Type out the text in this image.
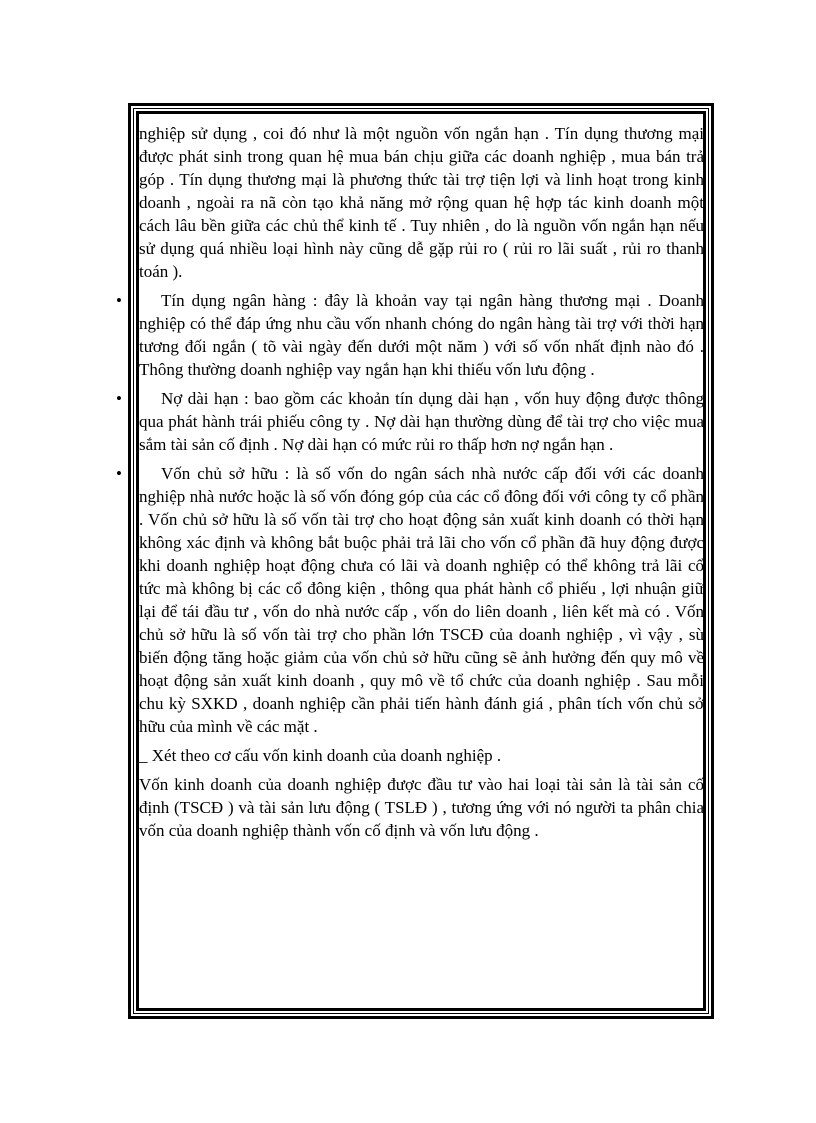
nghiệp sử dụng , coi đó như là một nguồn vốn ngắn hạn . Tín dụng thương mại được phát sinh trong quan hệ mua bán chịu giữa các doanh nghiệp , mua bán trả góp . Tín dụng thương mại là phương thức tài trợ tiện lợi và linh hoạt trong kinh doanh , ngoài ra nã còn tạo khả năng mở rộng quan hệ hợp tác kinh doanh một cách lâu bền giữa các chủ thể kinh tế . Tuy nhiên , do là nguồn vốn ngắn hạn nếu sử dụng quá nhiều loại hình này cũng dễ gặp rủi ro ( rủi ro lãi suất , rủi ro thanh toán ).

•	Tín dụng ngân hàng : đây là khoản vay tại ngân hàng thương mại . Doanh nghiệp có thể đáp ứng nhu cầu vốn nhanh chóng do ngân hàng tài trợ với thời hạn tương đối ngắn ( tõ vài ngày đến dưới một năm ) với số vốn nhất định nào đó . Thông thường doanh nghiệp vay ngắn hạn khi thiếu vốn lưu động .

•	Nợ dài hạn : bao gồm các khoản tín dụng dài hạn , vốn huy động được thông qua phát hành trái phiếu công ty . Nợ dài hạn thường dùng để tài trợ cho việc mua sắm tài sản cố định . Nợ dài hạn có mức rủi ro thấp hơn nợ ngắn hạn .

•	Vốn chủ sở hữu : là số vốn do ngân sách nhà nước cấp đối với các doanh nghiệp nhà nước hoặc là số vốn đóng góp của các cổ đông đối với công ty cổ phần . Vốn chủ sở hữu là số vốn tài trợ cho hoạt động sản xuất kinh doanh có thời hạn không xác định và không bắt buộc phải trả lãi cho vốn cổ phần đã huy động được khi doanh nghiệp hoạt động chưa có lãi và doanh nghiệp có thể không trả lãi cổ tức mà không bị các cổ đông kiện , thông qua phát hành cổ phiếu , lợi nhuận giữ lại để tái đầu tư , vốn do nhà nước cấp , vốn do liên doanh , liên kết mà có . Vốn chủ sở hữu là số vốn tài trợ cho phần lớn TSCĐ của doanh nghiệp , vì vậy , sù biến động tăng hoặc giảm của vốn chủ sở hữu cũng sẽ ảnh hưởng đến quy mô về hoạt động sản xuất kinh doanh , quy mô về tổ chức của doanh nghiệp . Sau mỗi chu kỳ SXKD , doanh nghiệp cần phải tiến hành đánh giá , phân tích vốn chủ sở hữu của mình về các mặt .

_ Xét theo cơ cấu vốn kinh doanh của doanh nghiệp .

Vốn kinh doanh của doanh nghiệp được đầu tư vào hai loại tài sản là tài sản cố định (TSCĐ ) và tài sản lưu động ( TSLĐ ) , tương ứng với nó người ta phân chia vốn của doanh nghiệp thành vốn cố định và vốn lưu động .
